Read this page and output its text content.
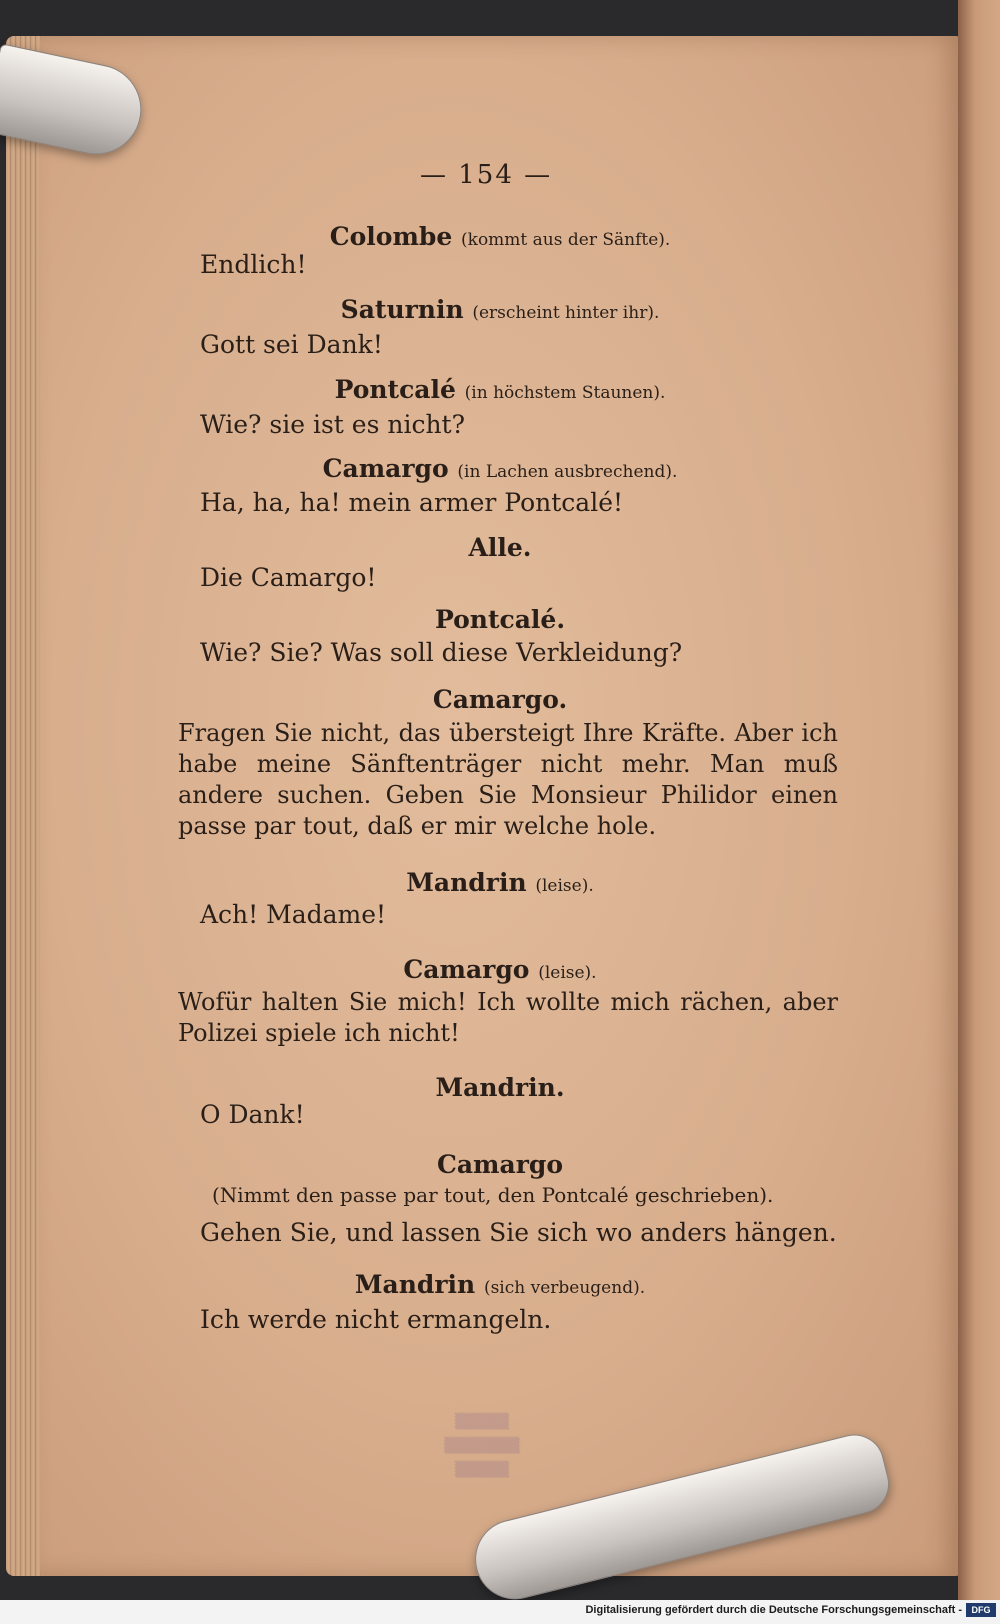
▒▒▒▒▒
▒▒▒▒▒▒▒
▒▒▒▒▒
— 154 —
Colombe (kommt aus der Sänfte).
Endlich!
Saturnin (erscheint hinter ihr).
Gott sei Dank!
Pontcalé (in höchstem Staunen).
Wie? sie ist es nicht?
Camargo (in Lachen ausbrechend).
Ha, ha, ha! mein armer Pontcalé!
Alle.
Die Camargo!
Pontcalé.
Wie? Sie? Was soll diese Verkleidung?
Camargo.
Fragen Sie nicht, das übersteigt Ihre Kräfte. Aber ich habe meine Sänftenträger nicht mehr. Man muß andere suchen. Geben Sie Monsieur Philidor einen passe par tout, daß er mir welche hole.
Mandrin (leise).
Ach! Madame!
Camargo (leise).
Wofür halten Sie mich! Ich wollte mich rächen, aber Polizei spiele ich nicht!
Mandrin.
O Dank!
Camargo
(Nimmt den passe par tout, den Pontcalé geschrieben).
Gehen Sie, und lassen Sie sich wo anders hängen.
Mandrin (sich verbeugend).
Ich werde nicht ermangeln.
Digitalisierung gefördert durch die Deutsche Forschungsgemeinschaft -	DFG
